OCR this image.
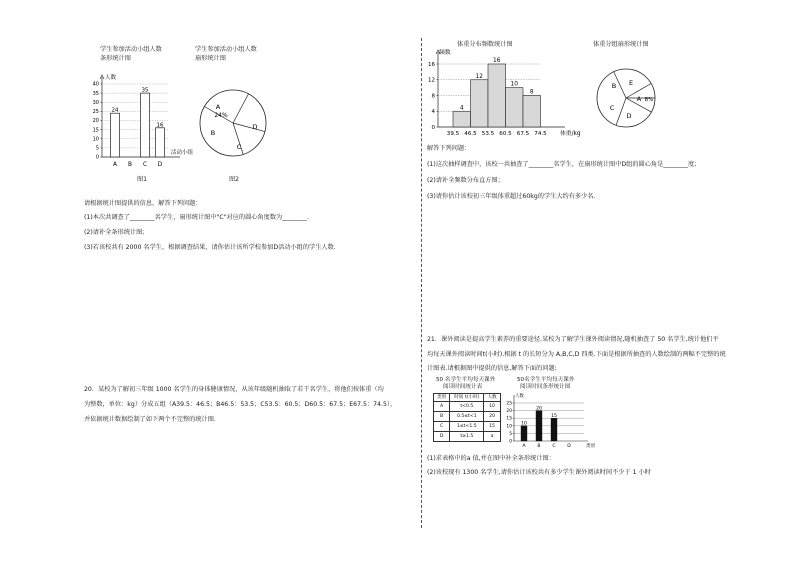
学生参加活动小组人数
条形统计图
学生参加活动小组人数
扇形统计图
0
5
10
15
20
25
30
35
40
人数
活动小组
A
24
B C
35
D
16
A
B
C
D
24%
图1	图2
请根据统计图提供的信息，解答下列问题：
(1)本次共调查了________名学生，扇形统计图中"C"对应的圆心角度数为________.
(2)请补全条形统计图；
(3)若该校共有 2000 名学生，根据调查结果，请你估计该所学校参加D活动小组的学生人数.
20．某校为了解初三年级 1000 名学生的身体健康情况，从该年级随机抽取了若干名学生，将他们按体重（均
为整数，单位：kg）分成五组（A39.5：46.5；B46.5：53.5；C53.5：60.5；D60.5：67.5；E67.5：74.5），
并依据统计数据绘制了如下两个不完整的统计图.
体重分布频数统计图	体重分组扇形统计图
0
4
8
12
16
频数
体重/kg
4
12
16
10
8
39.5 46.5 53.5 60.5 67.5 74.5
A
B
C
D
E
8%
解答下列问题：
(1)这次抽样调查中，该校一共抽查了________名学生，在扇形统计图中D组的圆心角是________度；
(2)请补全频数分布直方图；
(3)请你估计该校初三年级体重超过60kg的学生大约有多少名.
21．课外阅读是提高学生素养的重要途径.某校为了解学生课外阅读情况,随机抽查了 50 名学生,统计他们平
均每天课外阅读时间t(小时).根据 t 的长短分为 A,B,C,D 四类.下面是根据所抽查的人数绘制的两幅不完整的统
计图表.请根据图中提供的信息,解答下面的问题:
50 名学生平均每天课外
阅读时间统计表
类别	时间 t(小时)	人数
A	t<0.5	10
B	0.5≤t<1	20
C	1≤t<1.5	15
D	t≥1.5	a
50名学生平均每天课外
阅读时间条形统计图
0
5
10
15
20
25
人数
类别
A
10
B
20
C
15
D
(1)求表格中的a 值,并在图中补全条形统计图：
(2)该校现有 1300 名学生,请你估计该校共有多少学生课外阅读时间不少于 1 小时
